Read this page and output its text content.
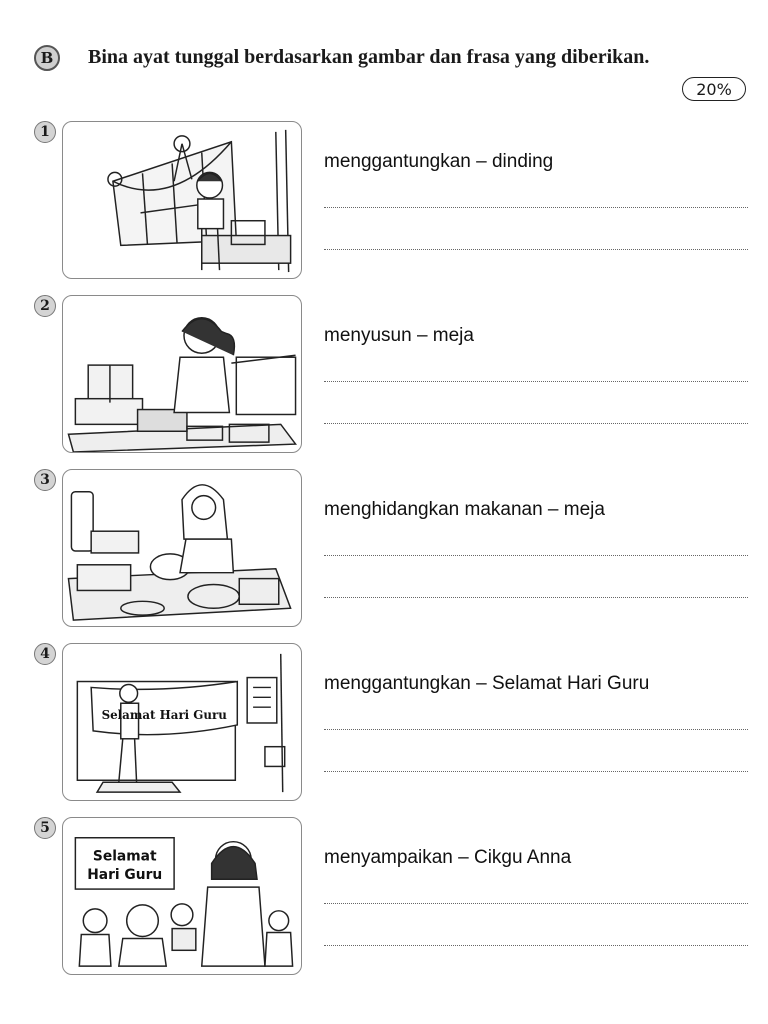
B	Bina ayat tunggal berdasarkan gambar dan frasa yang diberikan.
20%
1
menggantungkan – dinding
2
menyusun – meja
3
menghidangkan makanan – meja
4
Selamat Hari Guru
menggantungkan – Selamat Hari Guru
5
Selamat
Hari Guru
menyampaikan – Cikgu Anna
